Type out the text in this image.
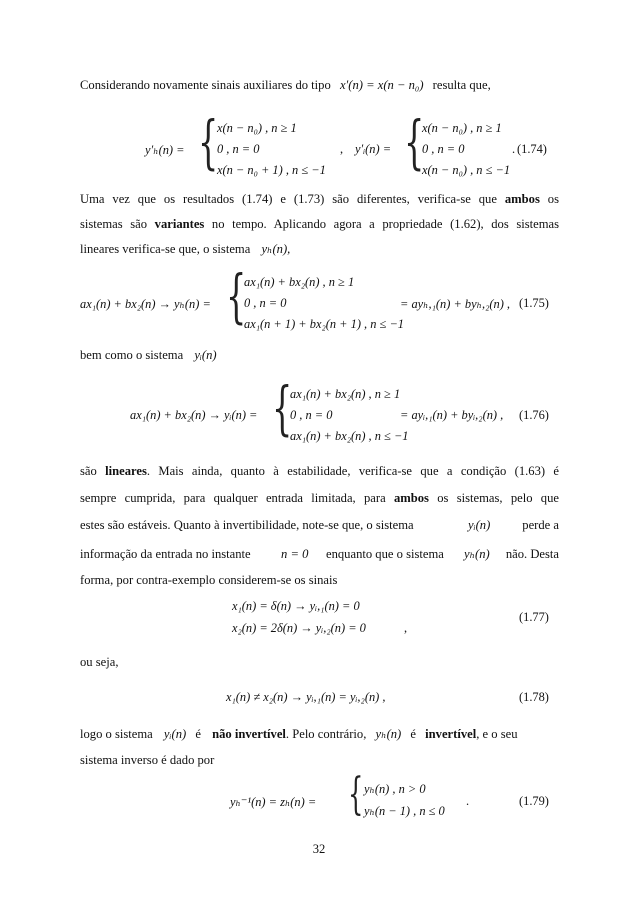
Considerando novamente sinais auxiliares do tipo x′(n) = x(n − n₀) resulta que,
y′ₕ(n) = {
x(n − n₀) , n ≥ 1
0 , n = 0
x(n − n₀ + 1) , n ≤ −1
, y′ᵢ(n) = {
x(n − n₀) , n ≥ 1
0 , n = 0
x(n − n₀) , n ≤ −1
. (1.74)
Uma vez que os resultados (1.74) e (1.73) são diferentes, verifica-se que ambos os
sistemas são variantes no tempo. Aplicando agora a propriedade (1.62), dos sistemas
lineares verifica-se que, o sistema yₕ(n),
ax₁(n) + bx₂(n) → yₕ(n) = {
ax₁(n) + bx₂(n) , n ≥ 1
0 , n = 0
ax₁(n + 1) + bx₂(n + 1) , n ≤ −1
= ayₕ,₁(n) + byₕ,₂(n) , (1.75)
bem como o sistema yᵢ(n)
ax₁(n) + bx₂(n) → yᵢ(n) = {
ax₁(n) + bx₂(n) , n ≥ 1
0 , n = 0
ax₁(n) + bx₂(n) , n ≤ −1
= ayᵢ,₁(n) + byᵢ,₂(n) , (1.76)
são lineares. Mais ainda, quanto à estabilidade, verifica-se que a condição (1.63) é
sempre cumprida, para qualquer entrada limitada, para ambos os sistemas, pelo que
estes são estáveis. Quanto à invertibilidade, note-se que, o sistema	yᵢ(n)	perde a
informação da entrada no instante n = 0 enquanto que o sistema yₕ(n) não. Desta
forma, por contra-exemplo considerem-se os sinais
x₁(n) = δ(n) → yᵢ,₁(n) = 0
x₂(n) = 2δ(n) → yᵢ,₂(n) = 0	,
(1.77)
ou seja,
x₁(n) ≠ x₂(n) → yᵢ,₁(n) = yᵢ,₂(n) ,	(1.78)
logo o sistema yᵢ(n) é não invertível. Pelo contrário, yₕ(n) é invertível, e o seu
sistema inverso é dado por
yₕ⁻¹(n) = zₕ(n) = { yₕ(n) , n > 0
yₕ(n − 1) , n ≤ 0
.	(1.79)
32
